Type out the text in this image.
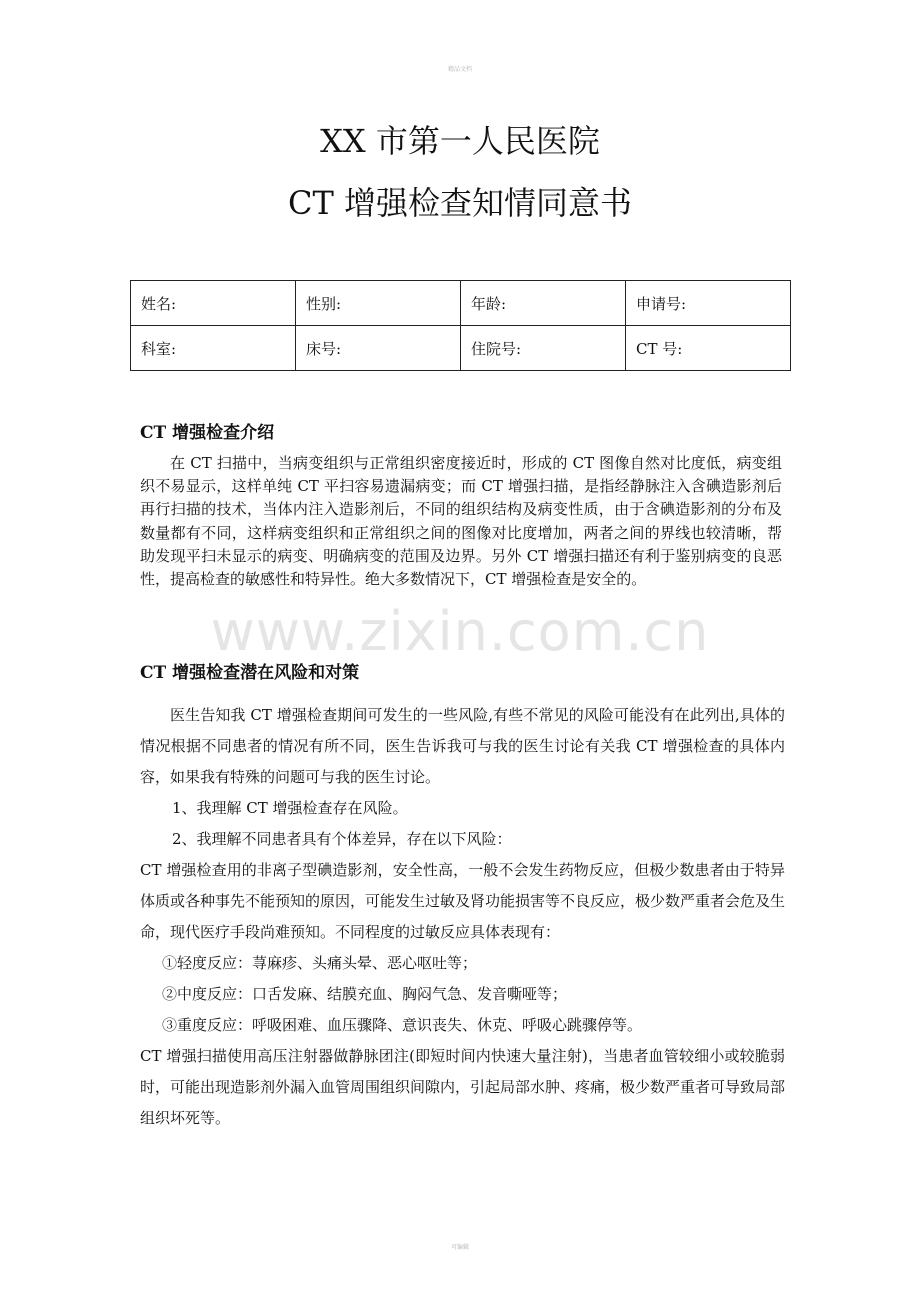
精品文档
XX 市第一人民医院
CT 增强检查知情同意书
姓名:	性别:	年龄:	申请号:
科室:	床号:	住院号:	CT 号:
CT 增强检查介绍

在 CT 扫描中，当病变组织与正常组织密度接近时，形成的 CT 图像自然对比度低，病变组织不易显示，这样单纯 CT 平扫容易遗漏病变；而 CT 增强扫描，是指经静脉注入含碘造影剂后再行扫描的技术，当体内注入造影剂后，不同的组织结构及病变性质，由于含碘造影剂的分布及数量都有不同，这样病变组织和正常组织之间的图像对比度增加，两者之间的界线也较清晰，帮助发现平扫未显示的病变、明确病变的范围及边界。另外 CT 增强扫描还有利于鉴别病变的良恶性，提高检查的敏感性和特异性。绝大多数情况下，CT 增强检查是安全的。

www.zixin.com.cn
CT 增强检查潜在风险和对策

医生告知我 CT 增强检查期间可发生的一些风险,有些不常见的风险可能没有在此列出,具体的情况根据不同患者的情况有所不同，医生告诉我可与我的医生讨论有关我 CT 增强检查的具体内容，如果我有特殊的问题可与我的医生讨论。

1、我理解 CT 增强检查存在风险。

2、我理解不同患者具有个体差异，存在以下风险：

CT 增强检查用的非离子型碘造影剂，安全性高，一般不会发生药物反应，但极少数患者由于特异体质或各种事先不能预知的原因，可能发生过敏及肾功能损害等不良反应，极少数严重者会危及生命，现代医疗手段尚难预知。不同程度的过敏反应具体表现有：

①轻度反应：荨麻疹、头痛头晕、恶心呕吐等；

②中度反应：口舌发麻、结膜充血、胸闷气急、发音嘶哑等；

③重度反应：呼吸困难、血压骤降、意识丧失、休克、呼吸心跳骤停等。

CT 增强扫描使用高压注射器做静脉团注(即短时间内快速大量注射)，当患者血管较细小或较脆弱时，可能出现造影剂外漏入血管周围组织间隙内，引起局部水肿、疼痛，极少数严重者可导致局部组织坏死等。

可编辑
